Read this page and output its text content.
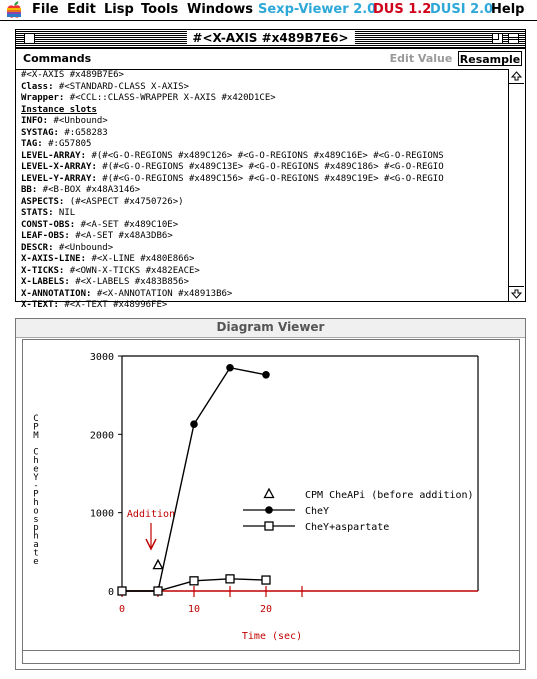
File Edit Lisp Tools Windows Sexp-Viewer 2.0
DUS 1.2
DUSI 2.0
Help
#<X-AXIS #x489B7E6>
Commands	Edit Value Resample
#<X-AXIS #x489B7E6>
Class: #<STANDARD-CLASS X-AXIS>
Wrapper: #<CCL::CLASS-WRAPPER X-AXIS #x420D1CE>
Instance slots
INFO: #<Unbound>
SYSTAG: #:G58283
TAG: #:G57805
LEVEL-ARRAY: #(#<G-O-REGIONS #x489C126> #<G-O-REGIONS #x489C16E> #<G-O-REGIONS
LEVEL-X-ARRAY: #(#<G-O-REGIONS #x489C13E> #<G-O-REGIONS #x489C186> #<G-O-REGIO
LEVEL-Y-ARRAY: #(#<G-O-REGIONS #x489C156> #<G-O-REGIONS #x489C19E> #<G-O-REGIO
BB: #<B-BOX #x48A3146>
ASPECTS: (#<ASPECT #x4750726>)
STATS: NIL
CONST-OBS: #<A-SET #x489C10E>
LEAF-OBS: #<A-SET #x48A3DB6>
DESCR: #<Unbound>
X-AXIS-LINE: #<X-LINE #x480E866>
X-TICKS: #<OWN-X-TICKS #x482EACE>
X-LABELS: #<X-LABELS #x483B856>
X-ANNOTATION: #<X-ANNOTATION #x48913B6>
X-TEXT: #<X-TEXT #x48996FE>
Diagram Viewer
0
1000
2000
3000
0	10	20
Time (sec)
CPM CheY-Phosphate	Addition
CPM CheAPi (before addition)
CheY
CheY+aspartate
